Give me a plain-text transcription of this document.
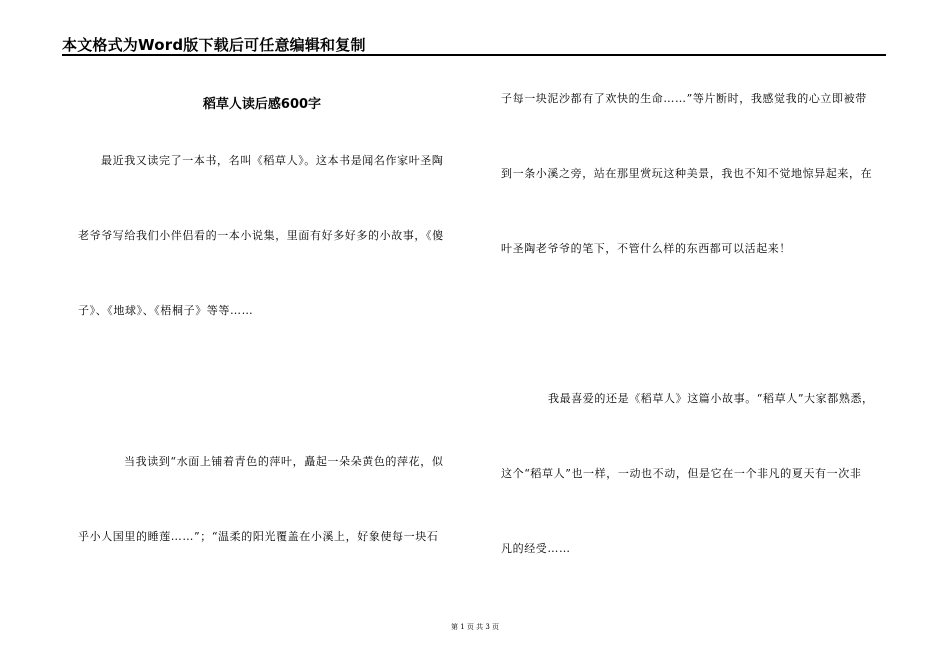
本文格式为Word版下载后可任意编辑和复制
稻草人读后感600字
最近我又读完了一本书，名叫《稻草人》。这本书是闻名作家叶圣陶
老爷爷写给我们小伴侣看的一本小说集，里面有好多好多的小故事，《傻
子》、《地球》、《梧桐子》等等……
当我读到“水面上铺着青色的萍叶，矗起一朵朵黄色的萍花，似
乎小人国里的睡莲……”；“温柔的阳光覆盖在小溪上，好象使每一块石
子每一块泥沙都有了欢快的生命……”等片断时，我感觉我的心立即被带
到一条小溪之旁，站在那里赏玩这种美景，我也不知不觉地惊异起来，在
叶圣陶老爷爷的笔下，不管什么样的东西都可以活起来！
我最喜爱的还是《稻草人》这篇小故事。“稻草人”大家都熟悉，
这个“稻草人”也一样，一动也不动，但是它在一个非凡的夏天有一次非
凡的经受……
第 1 页 共 3 页
